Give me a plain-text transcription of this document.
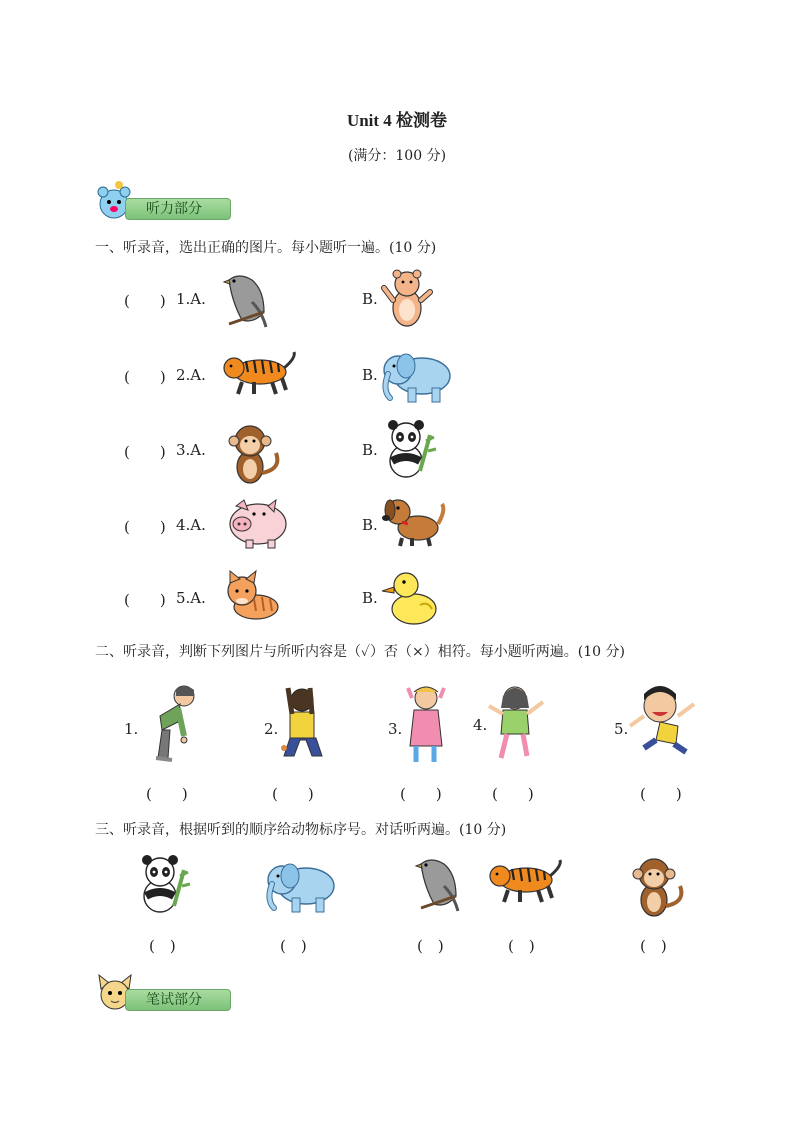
Unit 4 检测卷
(满分：100 分)
听力部分
一、听录音，选出正确的图片。每小题听一遍。(10 分)
(　　) 1.A.	B.
(　　) 2.A.	B.
(　　) 3.A.	B.
(　　) 4.A.	B.
(　　) 5.A.	B.
二、听录音，判断下列图片与所听内容是（✓）否（×）相符。每小题听两遍。(10 分)
1.
(　　)
2.
(　　)
3.
(　　)
4.
(　　)
5.
(　　)
三、听录音，根据听到的顺序给动物标序号。对话听两遍。(10 分)
(　)	(　)	(　)	(　)	(　)
笔试部分
